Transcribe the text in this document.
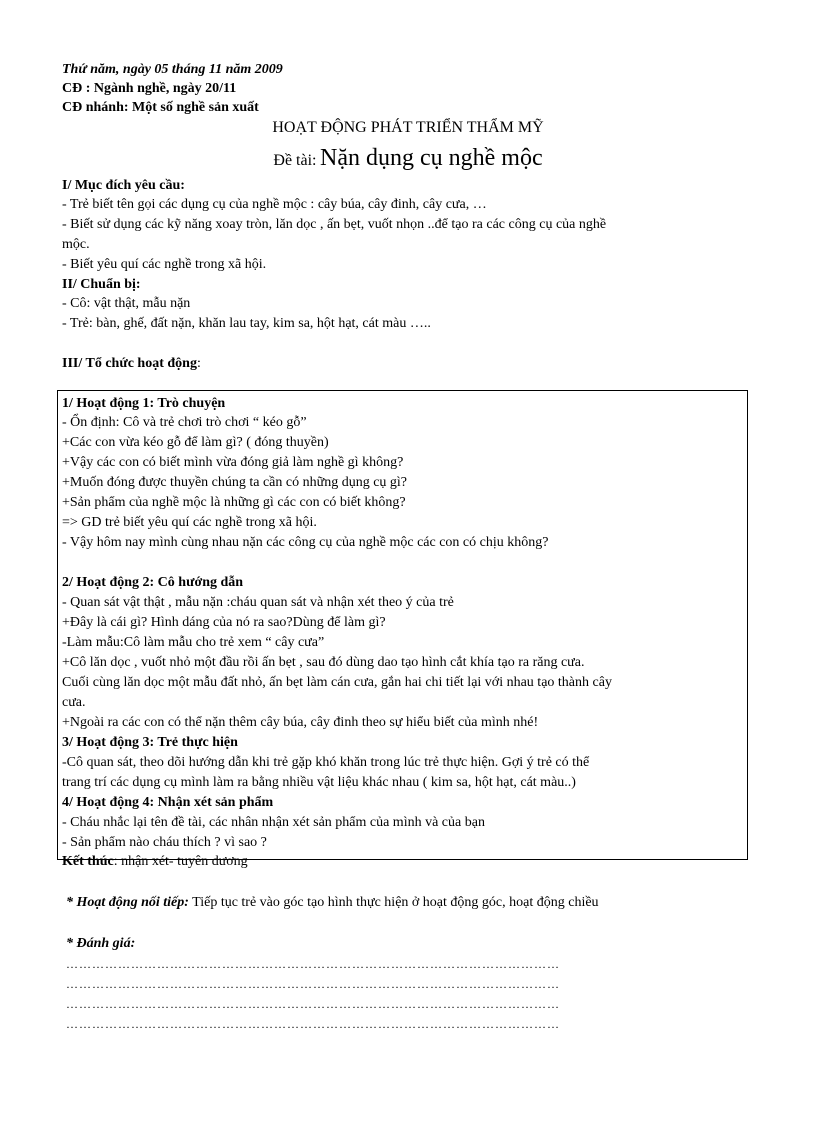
Thứ năm, ngày 05 tháng 11 năm 2009
CĐ : Ngành nghề, ngày 20/11
CĐ nhánh: Một số nghề sản xuất
HOẠT ĐỘNG PHÁT TRIỂN THẨM MỸ
Đề tài: Nặn dụng cụ nghề mộc
I/ Mục đích yêu cầu:
- Trẻ biết tên gọi các dụng cụ của nghề mộc : cây búa, cây đinh, cây cưa, …
- Biết sử dụng các kỹ năng xoay tròn, lăn dọc , ấn bẹt, vuốt nhọn ..để tạo ra các công cụ của nghề
mộc.
- Biết yêu quí các nghề trong xã hội.
II/ Chuẩn bị:
- Cô: vật thật, mẫu nặn
- Trẻ: bàn, ghế, đất nặn, khăn lau tay, kim sa, hột hạt, cát màu …..
III/ Tổ chức hoạt động:
1/ Hoạt động 1: Trò chuyện
- Ổn định: Cô và trẻ chơi trò chơi “ kéo gỗ”
+Các con vừa kéo gỗ để làm gì? ( đóng thuyền)
+Vậy các con có biết mình vừa đóng giả làm nghề gì không?
+Muốn đóng được thuyền chúng ta cần có những dụng cụ gì?
+Sản phẩm của nghề mộc là những gì các con có biết không?
=> GD trẻ biết yêu quí các nghề trong xã hội.
- Vậy hôm nay mình cùng nhau nặn các công cụ của nghề mộc các con có chịu không?
2/ Hoạt động 2: Cô hướng dẫn
- Quan sát vật thật , mẫu nặn :cháu quan sát và nhận xét theo ý của trẻ
+Đây là cái gì? Hình dáng của nó ra sao?Dùng để làm gì?
-Làm mẫu:Cô làm mẫu cho trẻ xem “ cây cưa”
+Cô lăn dọc , vuốt nhỏ một đầu rồi ấn bẹt , sau đó dùng dao tạo hình cắt khía tạo ra răng cưa.
Cuối cùng lăn dọc một mẫu đất nhỏ, ấn bẹt làm cán cưa, gắn hai chi tiết lại với nhau tạo thành cây
cưa.
+Ngoài ra các con có thể nặn thêm cây búa, cây đinh theo sự hiểu biết của mình nhé!
3/ Hoạt động 3: Trẻ thực hiện
-Cô quan sát, theo dõi hướng dẫn khi trẻ gặp khó khăn trong lúc trẻ thực hiện. Gợi ý trẻ có thể
trang trí các dụng cụ mình làm ra bằng nhiều vật liệu khác nhau ( kim sa, hột hạt, cát màu..)
4/ Hoạt động 4: Nhận xét sản phẩm
- Cháu nhắc lại tên đề tài, các nhân nhận xét sản phẩm của mình và của bạn
- Sản phẩm nào cháu thích ? vì sao ?
Kết thúc: nhận xét- tuyên dương
* Hoạt động nối tiếp: Tiếp tục trẻ vào góc tạo hình thực hiện ở hoạt động góc, hoạt động chiều
* Đánh giá:
……………………………………………………………………………………………………
……………………………………………………………………………………………………
……………………………………………………………………………………………………
……………………………………………………………………………………………………
